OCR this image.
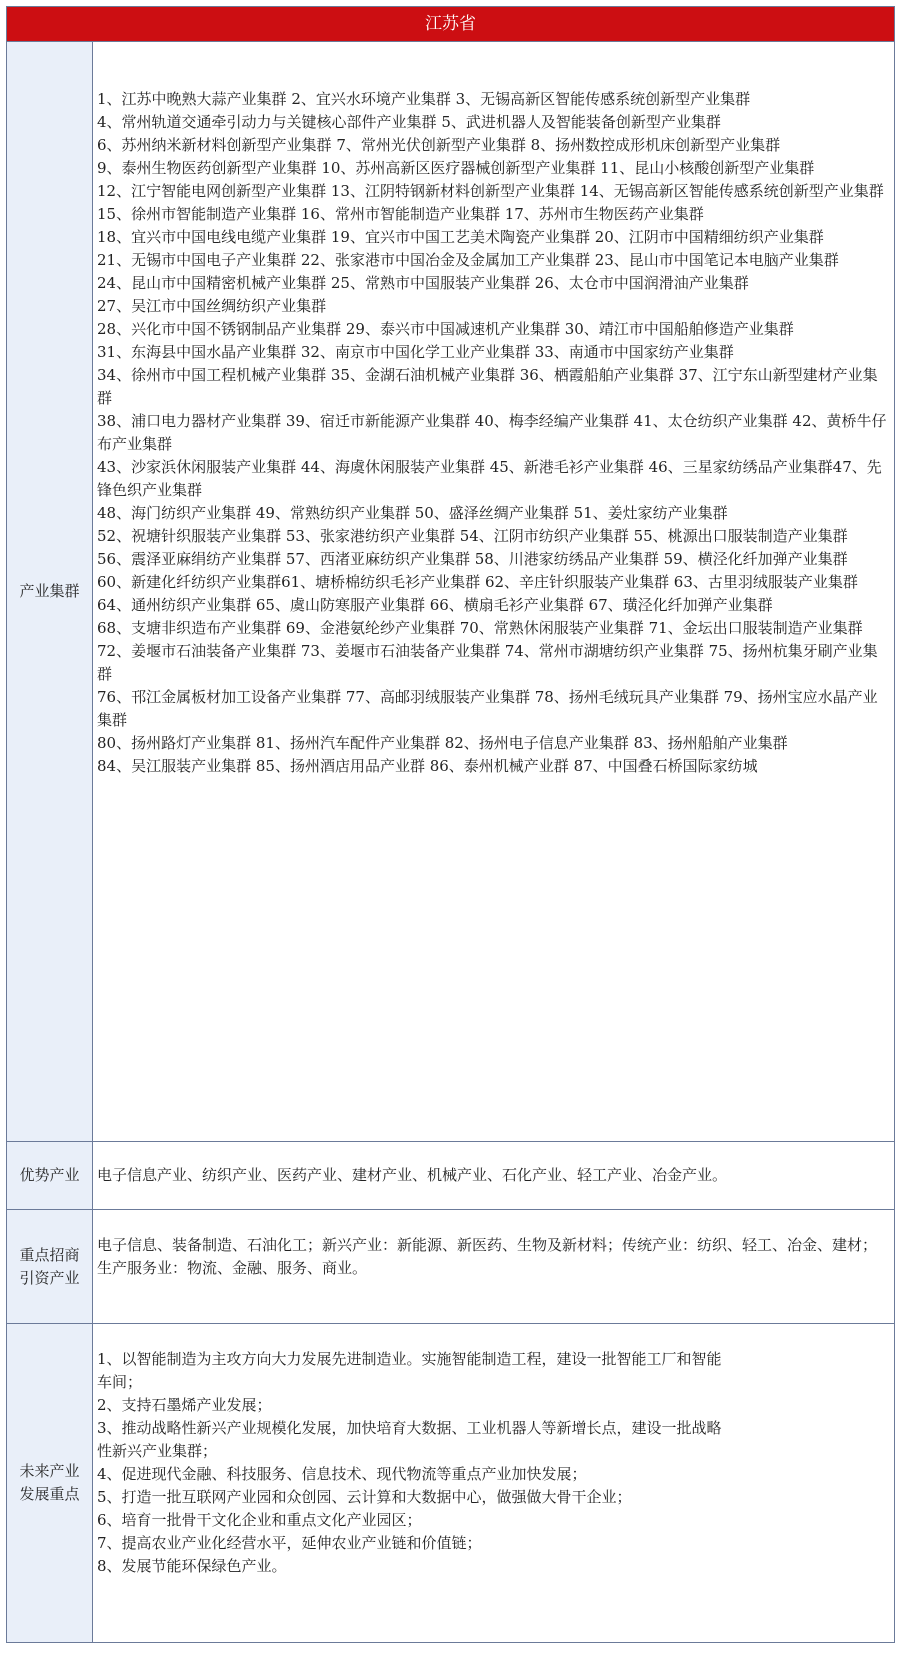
江苏省
产业集群
1、江苏中晚熟大蒜产业集群 2、宜兴水环境产业集群 3、无锡高新区智能传感系统创新型产业集群
4、常州轨道交通牵引动力与关键核心部件产业集群 5、武进机器人及智能装备创新型产业集群
6、苏州纳米新材料创新型产业集群 7、常州光伏创新型产业集群 8、扬州数控成形机床创新型产业集群
9、泰州生物医药创新型产业集群 10、苏州高新区医疗器械创新型产业集群 11、昆山小核酸创新型产业集群
12、江宁智能电网创新型产业集群 13、江阴特钢新材料创新型产业集群 14、无锡高新区智能传感系统创新型产业集群
15、徐州市智能制造产业集群 16、常州市智能制造产业集群 17、苏州市生物医药产业集群
18、宜兴市中国电线电缆产业集群 19、宜兴市中国工艺美术陶瓷产业集群 20、江阴市中国精细纺织产业集群
21、无锡市中国电子产业集群 22、张家港市中国冶金及金属加工产业集群 23、昆山市中国笔记本电脑产业集群
24、昆山市中国精密机械产业集群 25、常熟市中国服装产业集群 26、太仓市中国润滑油产业集群
27、吴江市中国丝绸纺织产业集群
28、兴化市中国不锈钢制品产业集群 29、泰兴市中国减速机产业集群 30、靖江市中国船舶修造产业集群
31、东海县中国水晶产业集群 32、南京市中国化学工业产业集群 33、南通市中国家纺产业集群
34、徐州市中国工程机械产业集群 35、金湖石油机械产业集群 36、栖霞船舶产业集群 37、江宁东山新型建材产业集群
38、浦口电力器材产业集群 39、宿迁市新能源产业集群 40、梅李经编产业集群 41、太仓纺织产业集群 42、黄桥牛仔布产业集群
43、沙家浜休闲服装产业集群 44、海虞休闲服装产业集群 45、新港毛衫产业集群 46、三星家纺绣品产业集群47、先锋色织产业集群
48、海门纺织产业集群 49、常熟纺织产业集群 50、盛泽丝绸产业集群 51、姜灶家纺产业集群
52、祝塘针织服装产业集群 53、张家港纺织产业集群 54、江阴市纺织产业集群 55、桃源出口服装制造产业集群
56、震泽亚麻绢纺产业集群 57、西渚亚麻纺织产业集群 58、川港家纺绣品产业集群 59、横泾化纤加弹产业集群
60、新建化纤纺织产业集群61、塘桥棉纺织毛衫产业集群 62、辛庄针织服装产业集群 63、古里羽绒服装产业集群
64、通州纺织产业集群 65、虞山防寒服产业集群 66、横扇毛衫产业集群 67、璜泾化纤加弹产业集群
68、支塘非织造布产业集群 69、金港氨纶纱产业集群 70、常熟休闲服装产业集群 71、金坛出口服装制造产业集群
72、姜堰市石油装备产业集群 73、姜堰市石油装备产业集群 74、常州市湖塘纺织产业集群 75、扬州杭集牙刷产业集群
76、邗江金属板材加工设备产业集群 77、高邮羽绒服装产业集群 78、扬州毛绒玩具产业集群 79、扬州宝应水晶产业集群
80、扬州路灯产业集群 81、扬州汽车配件产业集群 82、扬州电子信息产业集群 83、扬州船舶产业集群
84、吴江服装产业集群 85、扬州酒店用品产业群 86、泰州机械产业群 87、中国叠石桥国际家纺城
优势产业 电子信息产业、纺织产业、医药产业、建材产业、机械产业、石化产业、轻工产业、冶金产业。
重点招商
引资产业
电子信息、装备制造、石油化工；新兴产业：新能源、新医药、生物及新材料；传统产业：纺织、轻工、冶金、建材；生产服务业：物流、金融、服务、商业。
未来产业
发展重点
1、以智能制造为主攻方向大力发展先进制造业。实施智能制造工程，建设一批智能工厂和智能车间；
2、支持石墨烯产业发展；
3、推动战略性新兴产业规模化发展，加快培育大数据、工业机器人等新增长点，建设一批战略性新兴产业集群；
4、促进现代金融、科技服务、信息技术、现代物流等重点产业加快发展；
5、打造一批互联网产业园和众创园、云计算和大数据中心，做强做大骨干企业；
6、培育一批骨干文化企业和重点文化产业园区；
7、提高农业产业化经营水平，延伸农业产业链和价值链；
8、发展节能环保绿色产业。
